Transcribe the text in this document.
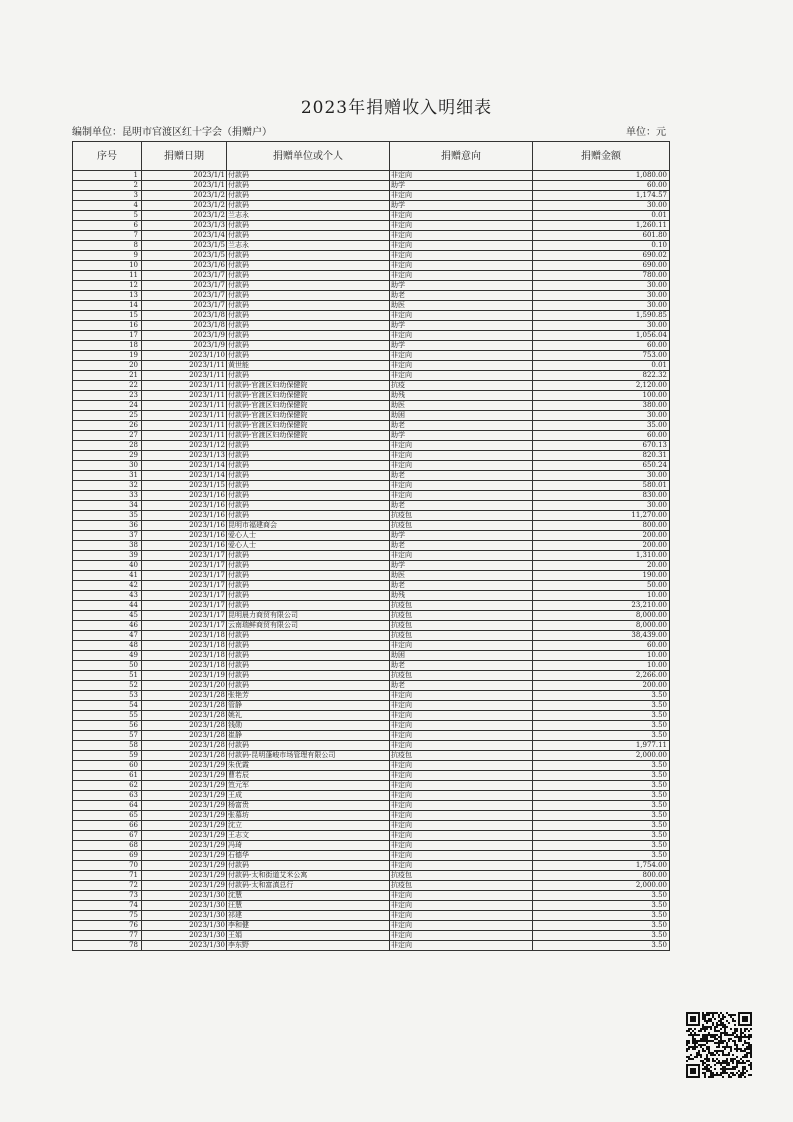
2023年捐赠收入明细表
编制单位：昆明市官渡区红十字会（捐赠户）	单位：元
序号	捐赠日期	捐赠单位或个人	捐赠意向	捐赠金额
1	2023/1/1	付款码	非定向	1,080.00
2	2023/1/1	付款码	助学	60.00
3	2023/1/2	付款码	非定向	1,174.57
4	2023/1/2	付款码	助学	30.00
5	2023/1/2	兰志永	非定向	0.01
6	2023/1/3	付款码	非定向	1,260.11
7	2023/1/4	付款码	非定向	601.80
8	2023/1/5	兰志永	非定向	0.10
9	2023/1/5	付款码	非定向	690.02
10	2023/1/6	付款码	非定向	690.00
11	2023/1/7	付款码	非定向	780.00
12	2023/1/7	付款码	助学	30.00
13	2023/1/7	付款码	助老	30.00
14	2023/1/7	付款码	助医	30.00
15	2023/1/8	付款码	非定向	1,590.85
16	2023/1/8	付款码	助学	30.00
17	2023/1/9	付款码	非定向	1,056.04
18	2023/1/9	付款码	助学	60.00
19	2023/1/10	付款码	非定向	753.00
20	2023/1/11	黄世能	非定向	0.01
21	2023/1/11	付款码	非定向	822.32
22	2023/1/11	付款码-官渡区妇幼保健院	抗疫	2,120.00
23	2023/1/11	付款码-官渡区妇幼保健院	助残	100.00
24	2023/1/11	付款码-官渡区妇幼保健院	助医	380.00
25	2023/1/11	付款码-官渡区妇幼保健院	助困	30.00
26	2023/1/11	付款码-官渡区妇幼保健院	助老	35.00
27	2023/1/11	付款码-官渡区妇幼保健院	助学	60.00
28	2023/1/12	付款码	非定向	670.13
29	2023/1/13	付款码	非定向	820.31
30	2023/1/14	付款码	非定向	650.24
31	2023/1/14	付款码	助老	30.00
32	2023/1/15	付款码	非定向	580.01
33	2023/1/16	付款码	非定向	830.00
34	2023/1/16	付款码	助老	30.00
35	2023/1/16	付款码	抗疫包	11,270.00
36	2023/1/16	昆明市福建商会	抗疫包	800.00
37	2023/1/16	爱心人士	助学	200.00
38	2023/1/16	爱心人士	助老	200.00
39	2023/1/17	付款码	非定向	1,310.00
40	2023/1/17	付款码	助学	20.00
41	2023/1/17	付款码	助医	190.00
42	2023/1/17	付款码	助老	50.00
43	2023/1/17	付款码	助残	10.00
44	2023/1/17	付款码	抗疫包	23,210.00
45	2023/1/17	昆明晨力商贸有限公司	抗疫包	8,000.00
46	2023/1/17	云南瑞鲜商贸有限公司	抗疫包	8,000.00
47	2023/1/18	付款码	抗疫包	38,439.00
48	2023/1/18	付款码	非定向	60.00
49	2023/1/18	付款码	助困	10.00
50	2023/1/18	付款码	助老	10.00
51	2023/1/19	付款码	抗疫包	2,266.00
52	2023/1/20	付款码	助老	200.00
53	2023/1/28	张艳芳	非定向	3.50
54	2023/1/28	管静	非定向	3.50
55	2023/1/28	姚礼	非定向	3.50
56	2023/1/28	钱勋	非定向	3.50
57	2023/1/28	崔静	非定向	3.50
58	2023/1/28	付款码	非定向	1,977.11
59	2023/1/28	付款码-昆明蓬峻市场管理有限公司	抗疫包	2,000.00
60	2023/1/29	朱优霞	非定向	3.50
61	2023/1/29	曹若辰	非定向	3.50
62	2023/1/29	笪元军	非定向	3.50
63	2023/1/29	王成	非定向	3.50
64	2023/1/29	杨富贵	非定向	3.50
65	2023/1/29	张慕坊	非定向	3.50
66	2023/1/29	沈立	非定向	3.50
67	2023/1/29	王志文	非定向	3.50
68	2023/1/29	冯琦	非定向	3.50
69	2023/1/29	石德华	非定向	3.50
70	2023/1/29	付款码	非定向	1,754.00
71	2023/1/29	付款码-太和街道艾米公寓	抗疫包	800.00
72	2023/1/29	付款码-太和富滇总行	抗疫包	2,000.00
73	2023/1/30	沈慧	非定向	3.50
74	2023/1/30	汪慧	非定向	3.50
75	2023/1/30	祁建	非定向	3.50
76	2023/1/30	李和健	非定向	3.50
77	2023/1/30	王娟	非定向	3.50
78	2023/1/30	李东野	非定向	3.50
